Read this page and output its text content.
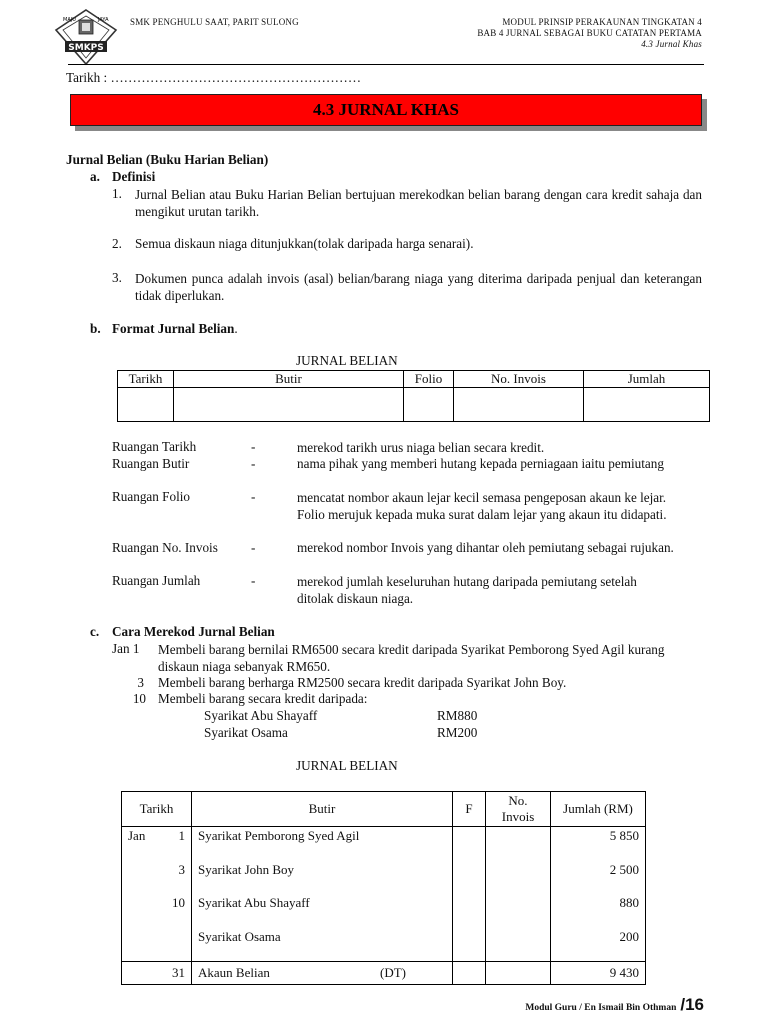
MAJU	JAYA
SMKPS
SMK PENGHULU SAAT, PARIT SULONG	MODUL PRINSIP PERAKAUNAN TINGKATAN 4
BAB 4 JURNAL SEBAGAI BUKU CATATAN PERTAMA
4.3 Jurnal Khas
Tarikh : …………………………………………………
4.3 JURNAL KHAS
Jurnal Belian (Buku Harian Belian)
a. Definisi
1. Jurnal Belian atau Buku Harian Belian bertujuan merekodkan belian barang dengan cara kredit sahaja dan mengikut urutan tarikh.
2. Semua diskaun niaga ditunjukkan(tolak daripada harga senarai).
3. Dokumen punca adalah invois (asal) belian/barang niaga yang diterima daripada penjual dan keterangan tidak diperlukan.
b. Format Jurnal Belian.
JURNAL BELIAN
Tarikh	Butir	Folio	No. Invois	Jumlah

Ruangan Tarikh	-	merekod tarikh urus niaga belian secara kredit.
Ruangan Butir	-	nama pihak yang memberi hutang kepada perniagaan iaitu pemiutang
Ruangan Folio	-	mencatat nombor akaun lejar kecil semasa pengeposan akaun ke lejar. Folio merujuk kepada muka surat dalam lejar yang akaun itu didapati.
Ruangan No. Invois	-	merekod nombor Invois yang dihantar oleh pemiutang sebagai rujukan.
Ruangan Jumlah	-	merekod jumlah keseluruhan hutang daripada pemiutang setelah ditolak diskaun niaga.
c. Cara Merekod Jurnal Belian
Jan 1 Membeli barang bernilai RM6500 secara kredit daripada Syarikat Pemborong Syed Agil kurang diskaun niaga sebanyak RM650.
3 Membeli barang berharga RM2500 secara kredit daripada Syarikat John Boy.
10 Membeli barang secara kredit daripada:
Syarikat Abu Shayaff	RM880
Syarikat Osama	RM200
JURNAL BELIAN
Tarikh	Butir	F	No. Invois	Jumlah (RM)

Jan 1	Syarikat Pemborong Syed Agil			5 850
3	Syarikat John Boy			2 500
10	Syarikat Abu Shayaff			880
	Syarikat Osama			200
31	Akaun Belian (DT)			9 430
Modul Guru / En Ismail Bin Othman /16
